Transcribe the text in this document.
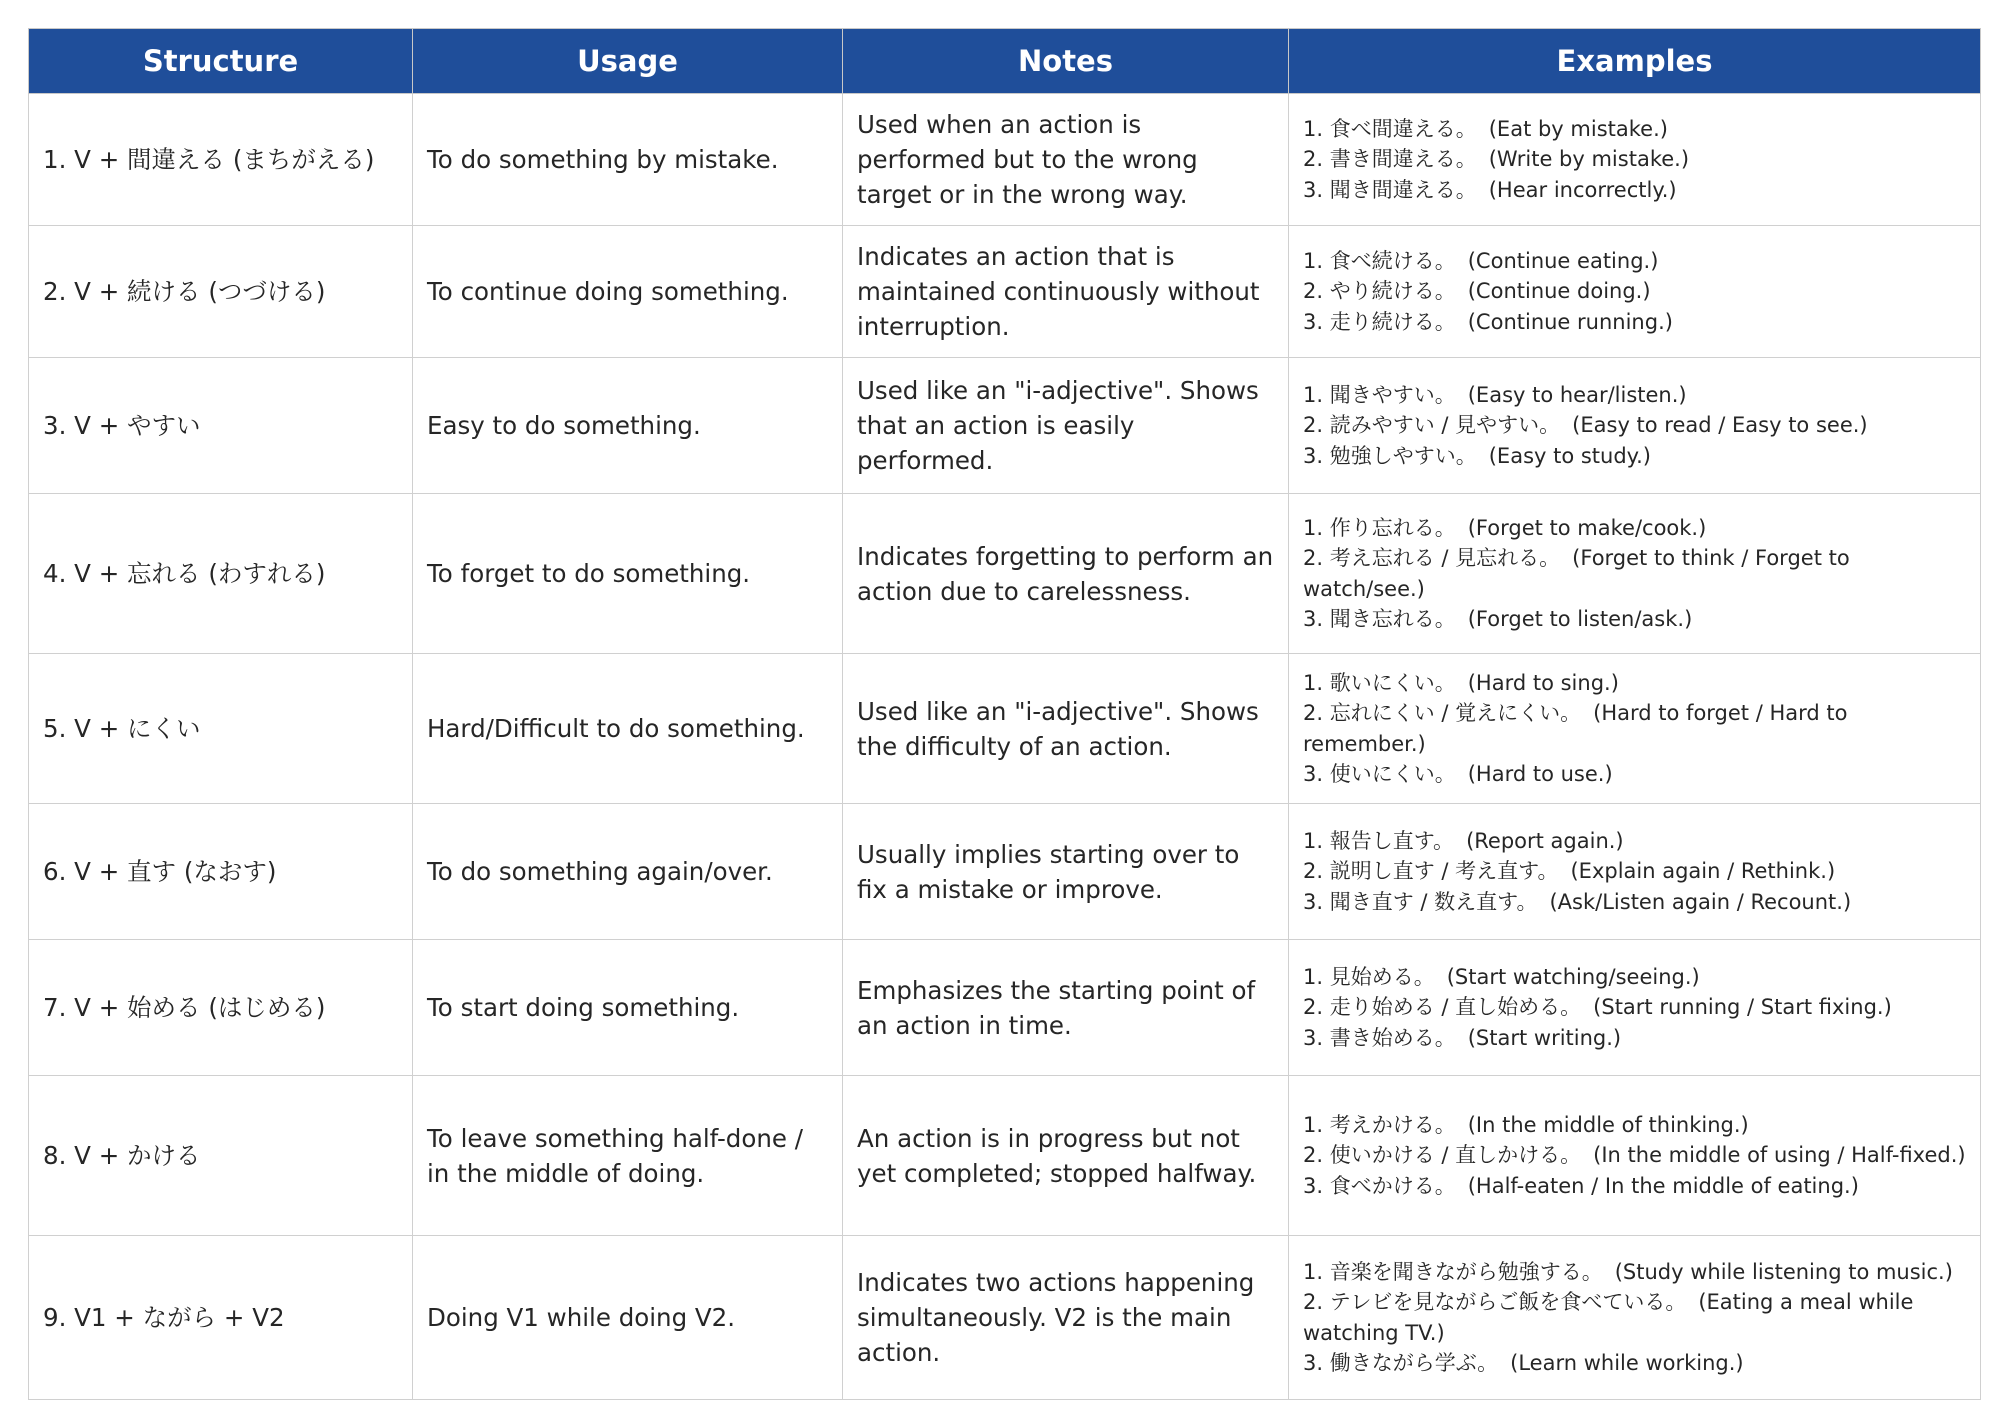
Structure	Usage	Notes	Examples
1. V + 間違える (まちがえる)	To do something by mistake.	Used when an action is performed but to the wrong target or in the wrong way.	1. 食べ間違える。 (Eat by mistake.)
2. 書き間違える。 (Write by mistake.)
3. 聞き間違える。 (Hear incorrectly.)

2. V + 続ける (つづける)	To continue doing something.	Indicates an action that is maintained continuously without interruption.	1. 食べ続ける。 (Continue eating.)
2. やり続ける。 (Continue doing.)
3. 走り続ける。 (Continue running.)

3. V + やすい	Easy to do something.	Used like an "i-adjective". Shows that an action is easily performed.	1. 聞きやすい。 (Easy to hear/listen.)
2. 読みやすい / 見やすい。 (Easy to read / Easy to see.)
3. 勉強しやすい。 (Easy to study.)

4. V + 忘れる (わすれる)	To forget to do something.	Indicates forgetting to perform an action due to carelessness.	1. 作り忘れる。 (Forget to make/cook.)
2. 考え忘れる / 見忘れる。 (Forget to think / Forget to watch/see.)
3. 聞き忘れる。 (Forget to listen/ask.)

5. V + にくい	Hard/Difficult to do something.	Used like an "i-adjective". Shows the difficulty of an action.	1. 歌いにくい。 (Hard to sing.)
2. 忘れにくい / 覚えにくい。 (Hard to forget / Hard to remember.)
3. 使いにくい。 (Hard to use.)

6. V + 直す (なおす)	To do something again/over.	Usually implies starting over to fix a mistake or improve.	1. 報告し直す。 (Report again.)
2. 説明し直す / 考え直す。 (Explain again / Rethink.)
3. 聞き直す / 数え直す。 (Ask/Listen again / Recount.)

7. V + 始める (はじめる)	To start doing something.	Emphasizes the starting point of an action in time.	1. 見始める。 (Start watching/seeing.)
2. 走り始める / 直し始める。 (Start running / Start fixing.)
3. 書き始める。 (Start writing.)

8. V + かける	To leave something half-done / in the middle of doing.	An action is in progress but not yet completed; stopped halfway.	1. 考えかける。 (In the middle of thinking.)
2. 使いかける / 直しかける。 (In the middle of using / Half-fixed.)
3. 食べかける。 (Half-eaten / In the middle of eating.)

9. V1 + ながら + V2	Doing V1 while doing V2.	Indicates two actions happening simultaneously. V2 is the main action.	1. 音楽を聞きながら勉強する。 (Study while listening to music.)
2. テレビを見ながらご飯を食べている。 (Eating a meal while watching TV.)
3. 働きながら学ぶ。 (Learn while working.)
